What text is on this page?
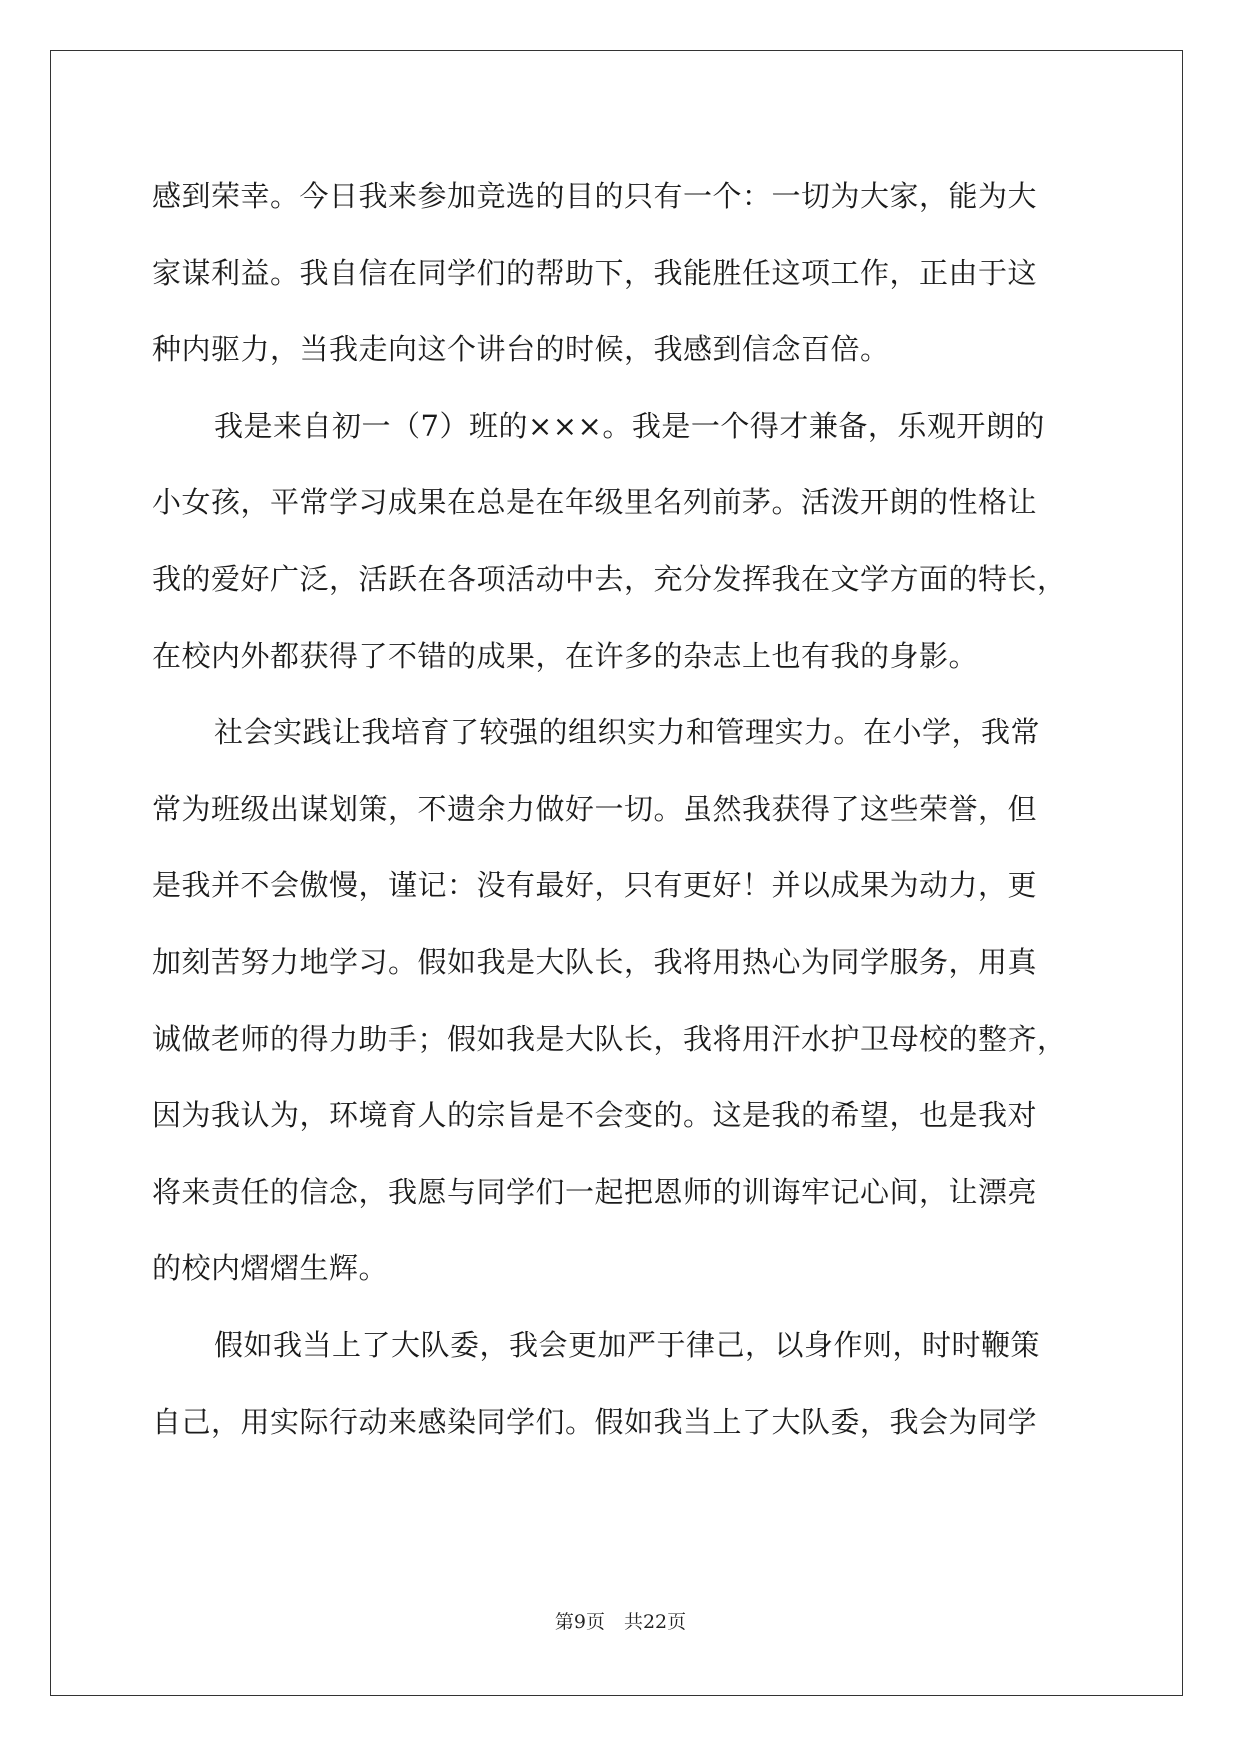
感到荣幸。今日我来参加竞选的目的只有一个：一切为大家，能为大
家谋利益。我自信在同学们的帮助下，我能胜任这项工作，正由于这
种内驱力，当我走向这个讲台的时候，我感到信念百倍。
我是来自初一（7）班的×××。我是一个得才兼备，乐观开朗的
小女孩，平常学习成果在总是在年级里名列前茅。活泼开朗的性格让
我的爱好广泛，活跃在各项活动中去，充分发挥我在文学方面的特长，
在校内外都获得了不错的成果，在许多的杂志上也有我的身影。
社会实践让我培育了较强的组织实力和管理实力。在小学，我常
常为班级出谋划策，不遗余力做好一切。虽然我获得了这些荣誉，但
是我并不会傲慢，谨记：没有最好，只有更好！并以成果为动力，更
加刻苦努力地学习。假如我是大队长，我将用热心为同学服务，用真
诚做老师的得力助手；假如我是大队长，我将用汗水护卫母校的整齐，
因为我认为，环境育人的宗旨是不会变的。这是我的希望，也是我对
将来责任的信念，我愿与同学们一起把恩师的训诲牢记心间，让漂亮
的校内熠熠生辉。
假如我当上了大队委，我会更加严于律己，以身作则，时时鞭策
自己，用实际行动来感染同学们。假如我当上了大队委，我会为同学
第9页　共22页
